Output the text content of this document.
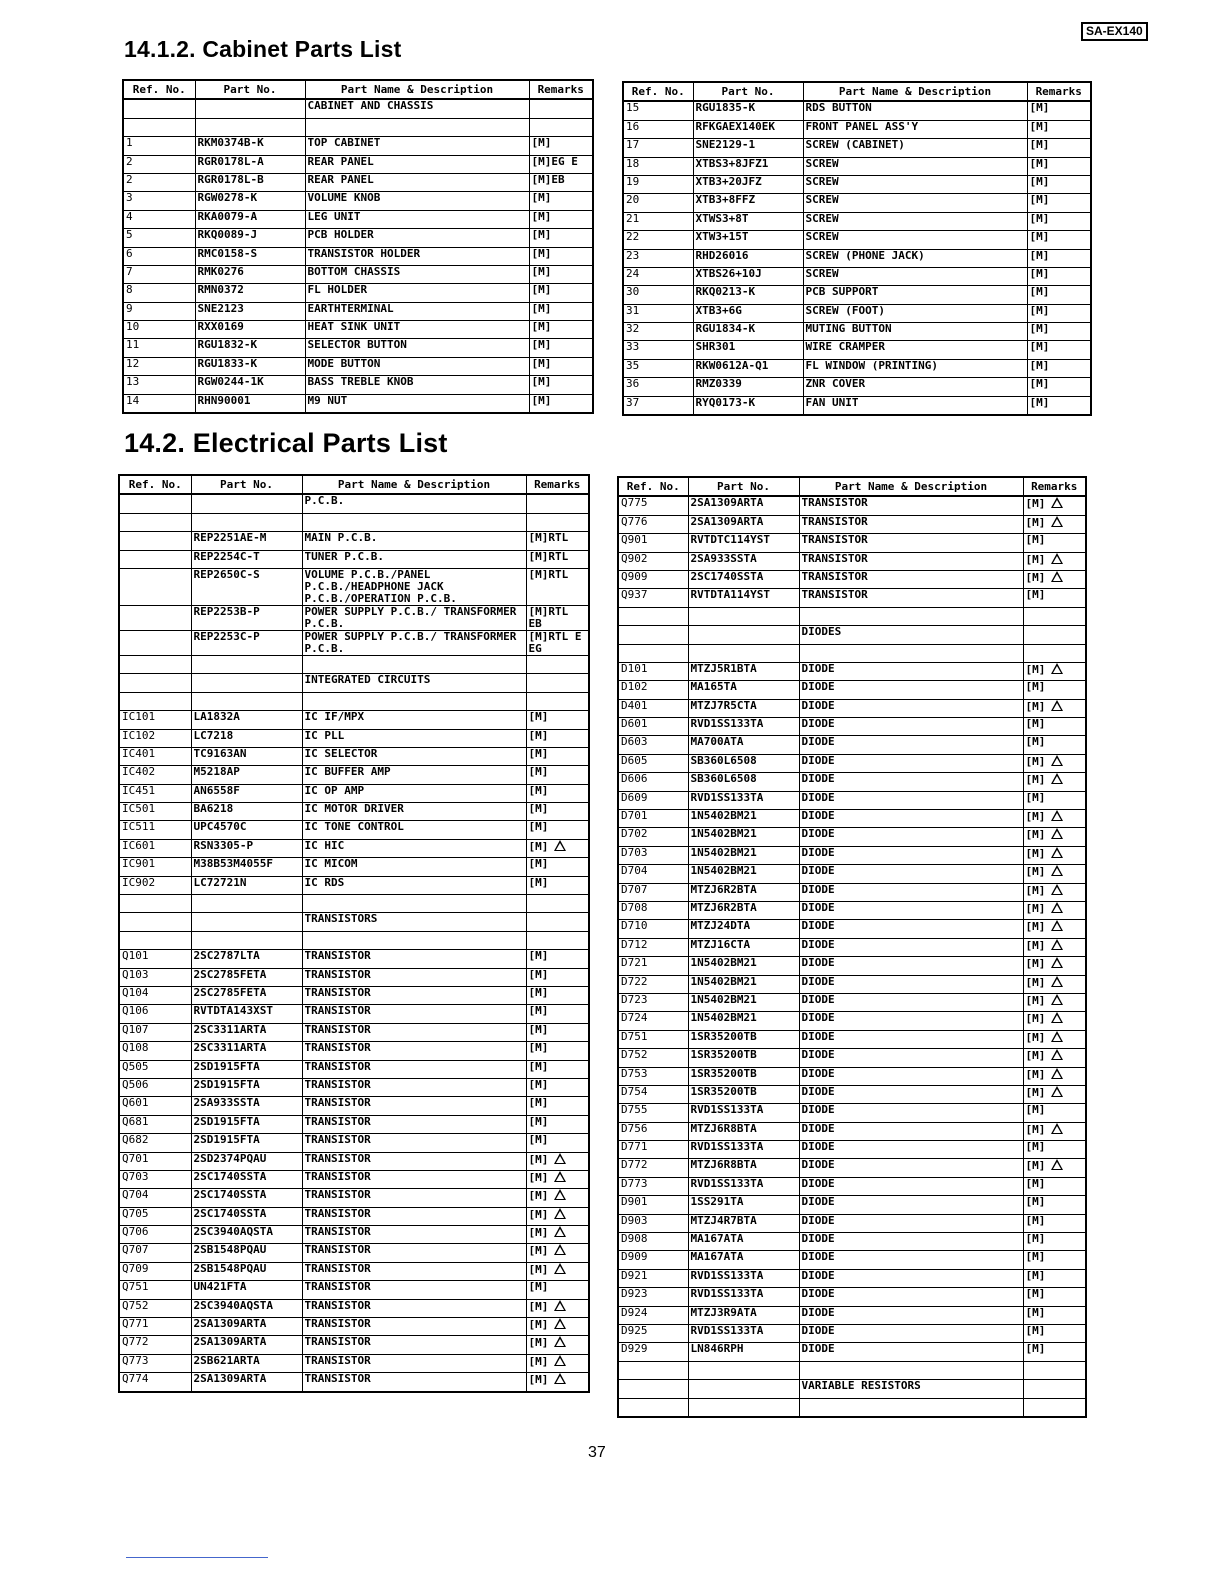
SA-EX140
14.1.2. Cabinet Parts List
14.2. Electrical Parts List
Ref. No.	Part No.	Part Name & Description	Remarks
		CABINET AND CHASSIS	

1	RKM0374B-K	TOP CABINET	[M]
2	RGR0178L-A	REAR PANEL	[M]EG E
2	RGR0178L-B	REAR PANEL	[M]EB
3	RGW0278-K	VOLUME KNOB	[M]
4	RKA0079-A	LEG UNIT	[M]
5	RKQ0089-J	PCB HOLDER	[M]
6	RMC0158-S	TRANSISTOR HOLDER	[M]
7	RMK0276	BOTTOM CHASSIS	[M]
8	RMN0372	FL HOLDER	[M]
9	SNE2123	EARTHTERMINAL	[M]
10	RXX0169	HEAT SINK UNIT	[M]
11	RGU1832-K	SELECTOR BUTTON	[M]
12	RGU1833-K	MODE BUTTON	[M]
13	RGW0244-1K	BASS TREBLE KNOB	[M]
14	RHN90001	M9 NUT	[M]
Ref. No.	Part No.	Part Name & Description	Remarks
15	RGU1835-K	RDS BUTTON	[M]
16	RFKGAEX140EK	FRONT PANEL ASS'Y	[M]
17	SNE2129-1	SCREW (CABINET)	[M]
18	XTBS3+8JFZ1	SCREW	[M]
19	XTB3+20JFZ	SCREW	[M]
20	XTB3+8FFZ	SCREW	[M]
21	XTWS3+8T	SCREW	[M]
22	XTW3+15T	SCREW	[M]
23	RHD26016	SCREW (PHONE JACK)	[M]
24	XTBS26+10J	SCREW	[M]
30	RKQ0213-K	PCB SUPPORT	[M]
31	XTB3+6G	SCREW (FOOT)	[M]
32	RGU1834-K	MUTING BUTTON	[M]
33	SHR301	WIRE CRAMPER	[M]
35	RKW0612A-Q1	FL WINDOW (PRINTING)	[M]
36	RMZ0339	ZNR COVER	[M]
37	RYQ0173-K	FAN UNIT	[M]
Ref. No.	Part No.	Part Name & Description	Remarks
		P.C.B.	

	REP2251AE-M	MAIN P.C.B.	[M]RTL
	REP2254C-T	TUNER P.C.B.	[M]RTL
	REP2650C-S	VOLUME P.C.B./PANEL P.C.B./HEADPHONE JACK P.C.B./OPERATION P.C.B.	[M]RTL
	REP2253B-P	POWER SUPPLY P.C.B./ TRANSFORMER P.C.B.	[M]RTL EB
	REP2253C-P	POWER SUPPLY P.C.B./ TRANSFORMER P.C.B.	[M]RTL E EG

		INTEGRATED CIRCUITS	

IC101	LA1832A	IC IF/MPX	[M]
IC102	LC7218	IC PLL	[M]
IC401	TC9163AN	IC SELECTOR	[M]
IC402	M5218AP	IC BUFFER AMP	[M]
IC451	AN6558F	IC OP AMP	[M]
IC501	BA6218	IC MOTOR DRIVER	[M]
IC511	UPC4570C	IC TONE CONTROL	[M]
IC601	RSN3305-P	IC HIC	[M]
IC901	M38B53M4055F	IC MICOM	[M]
IC902	LC72721N	IC RDS	[M]

		TRANSISTORS	

Q101	2SC2787LTA	TRANSISTOR	[M]
Q103	2SC2785FETA	TRANSISTOR	[M]
Q104	2SC2785FETA	TRANSISTOR	[M]
Q106	RVTDTA143XST	TRANSISTOR	[M]
Q107	2SC3311ARTA	TRANSISTOR	[M]
Q108	2SC3311ARTA	TRANSISTOR	[M]
Q505	2SD1915FTA	TRANSISTOR	[M]
Q506	2SD1915FTA	TRANSISTOR	[M]
Q601	2SA933SSTA	TRANSISTOR	[M]
Q681	2SD1915FTA	TRANSISTOR	[M]
Q682	2SD1915FTA	TRANSISTOR	[M]
Q701	2SD2374PQAU	TRANSISTOR	[M]
Q703	2SC1740SSTA	TRANSISTOR	[M]
Q704	2SC1740SSTA	TRANSISTOR	[M]
Q705	2SC1740SSTA	TRANSISTOR	[M]
Q706	2SC3940AQSTA	TRANSISTOR	[M]
Q707	2SB1548PQAU	TRANSISTOR	[M]
Q709	2SB1548PQAU	TRANSISTOR	[M]
Q751	UN421FTA	TRANSISTOR	[M]
Q752	2SC3940AQSTA	TRANSISTOR	[M]
Q771	2SA1309ARTA	TRANSISTOR	[M]
Q772	2SA1309ARTA	TRANSISTOR	[M]
Q773	2SB621ARTA	TRANSISTOR	[M]
Q774	2SA1309ARTA	TRANSISTOR	[M]
Ref. No.	Part No.	Part Name & Description	Remarks
Q775	2SA1309ARTA	TRANSISTOR	[M]
Q776	2SA1309ARTA	TRANSISTOR	[M]
Q901	RVTDTC114YST	TRANSISTOR	[M]
Q902	2SA933SSTA	TRANSISTOR	[M]
Q909	2SC1740SSTA	TRANSISTOR	[M]
Q937	RVTDTA114YST	TRANSISTOR	[M]

		DIODES	

D101	MTZJ5R1BTA	DIODE	[M]
D102	MA165TA	DIODE	[M]
D401	MTZJ7R5CTA	DIODE	[M]
D601	RVD1SS133TA	DIODE	[M]
D603	MA700ATA	DIODE	[M]
D605	SB360L6508	DIODE	[M]
D606	SB360L6508	DIODE	[M]
D609	RVD1SS133TA	DIODE	[M]
D701	1N5402BM21	DIODE	[M]
D702	1N5402BM21	DIODE	[M]
D703	1N5402BM21	DIODE	[M]
D704	1N5402BM21	DIODE	[M]
D707	MTZJ6R2BTA	DIODE	[M]
D708	MTZJ6R2BTA	DIODE	[M]
D710	MTZJ24DTA	DIODE	[M]
D712	MTZJ16CTA	DIODE	[M]
D721	1N5402BM21	DIODE	[M]
D722	1N5402BM21	DIODE	[M]
D723	1N5402BM21	DIODE	[M]
D724	1N5402BM21	DIODE	[M]
D751	1SR35200TB	DIODE	[M]
D752	1SR35200TB	DIODE	[M]
D753	1SR35200TB	DIODE	[M]
D754	1SR35200TB	DIODE	[M]
D755	RVD1SS133TA	DIODE	[M]
D756	MTZJ6R8BTA	DIODE	[M]
D771	RVD1SS133TA	DIODE	[M]
D772	MTZJ6R8BTA	DIODE	[M]
D773	RVD1SS133TA	DIODE	[M]
D901	1SS291TA	DIODE	[M]
D903	MTZJ4R7BTA	DIODE	[M]
D908	MA167ATA	DIODE	[M]
D909	MA167ATA	DIODE	[M]
D921	RVD1SS133TA	DIODE	[M]
D923	RVD1SS133TA	DIODE	[M]
D924	MTZJ3R9ATA	DIODE	[M]
D925	RVD1SS133TA	DIODE	[M]
D929	LN846RPH	DIODE	[M]

		VARIABLE RESISTORS	

37
